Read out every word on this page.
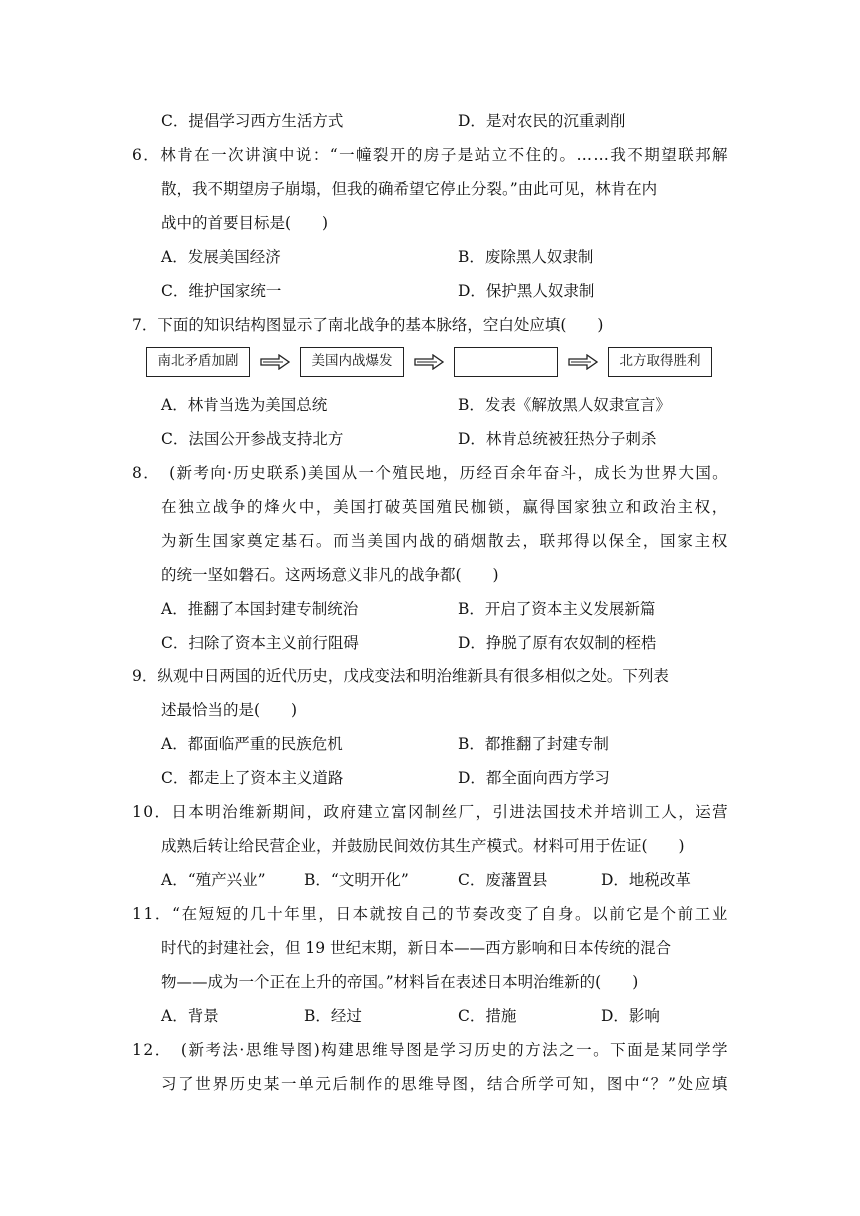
C．提倡学习西方生活方式	D．是对农民的沉重剥削
6．林肯在一次讲演中说：“一幢裂开的房子是站立不住的。……我不期望联邦解
散，我不期望房子崩塌，但我的确希望它停止分裂。”由此可见，林肯在内
战中的首要目标是(　　)
A．发展美国经济	B．废除黑人奴隶制
C．维护国家统一	D．保护黑人奴隶制
7．下面的知识结构图显示了南北战争的基本脉络，空白处应填(　　)
南北矛盾加剧	美国内战爆发	北方取得胜利
A．林肯当选为美国总统	B．发表《解放黑人奴隶宣言》
C．法国公开参战支持北方	D．林肯总统被狂热分子刺杀
8．　(新考向·历史联系)美国从一个殖民地，历经百余年奋斗，成长为世界大国。
在独立战争的烽火中，美国打破英国殖民枷锁，赢得国家独立和政治主权，
为新生国家奠定基石。而当美国内战的硝烟散去，联邦得以保全，国家主权
的统一坚如磐石。这两场意义非凡的战争都(　　)
A．推翻了本国封建专制统治	B．开启了资本主义发展新篇
C．扫除了资本主义前行阻碍	D．挣脱了原有农奴制的桎梏
9．纵观中日两国的近代历史，戊戌变法和明治维新具有很多相似之处。下列表
述最恰当的是(　　)
A．都面临严重的民族危机	B．都推翻了封建专制
C．都走上了资本主义道路	D．都全面向西方学习
10．日本明治维新期间，政府建立富冈制丝厂，引进法国技术并培训工人，运营
成熟后转让给民营企业，并鼓励民间效仿其生产模式。材料可用于佐证(　　)
A．“殖产兴业” B．“文明开化”	C．废藩置县	D．地税改革
11．“在短短的几十年里，日本就按自己的节奏改变了自身。以前它是个前工业
时代的封建社会，但 19 世纪末期，新日本——西方影响和日本传统的混合
物——成为一个正在上升的帝国。”材料旨在表述日本明治维新的(　　)
A．背景	B．经过	C．措施	D．影响
12．　(新考法·思维导图)构建思维导图是学习历史的方法之一。下面是某同学学
习了世界历史某一单元后制作的思维导图，结合所学可知，图中“？”处应填
